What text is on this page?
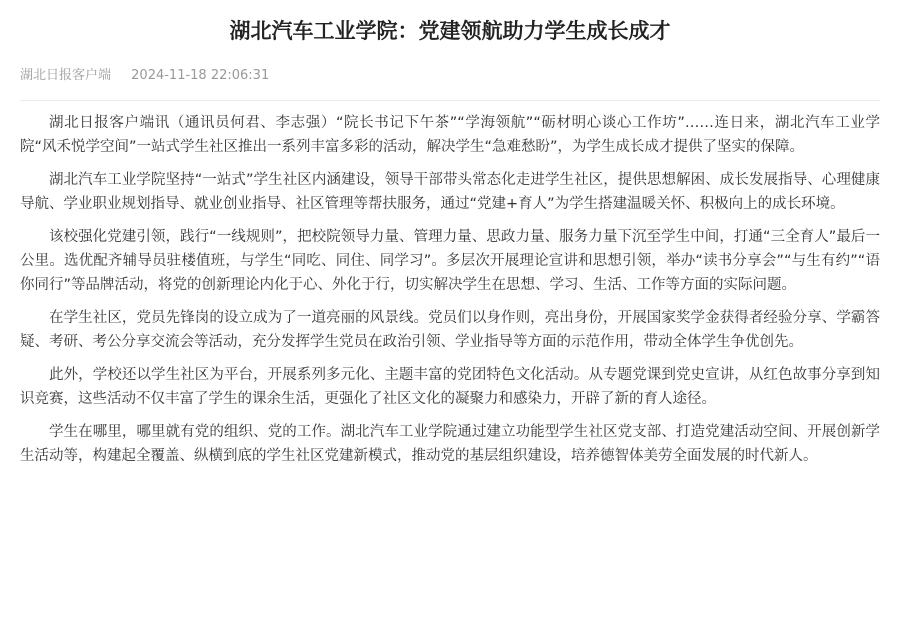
湖北汽车工业学院：党建领航助力学生成长成才
湖北日报客户端 2024-11-18 22:06:31

湖北日报客户端讯（通讯员何君、李志强）“院长书记下午茶”“学海领航”“砺材明心谈心工作坊”……连日来，湖北汽车工业学院“风禾悦学空间”一站式学生社区推出一系列丰富多彩的活动，解决学生“急难愁盼”，为学生成长成才提供了坚实的保障。

湖北汽车工业学院坚持“一站式”学生社区内涵建设，领导干部带头常态化走进学生社区，提供思想解困、成长发展指导、心理健康导航、学业职业规划指导、就业创业指导、社区管理等帮扶服务，通过“党建+育人”为学生搭建温暖关怀、积极向上的成长环境。

该校强化党建引领，践行“一线规则”，把校院领导力量、管理力量、思政力量、服务力量下沉至学生中间，打通“三全育人”最后一公里。选优配齐辅导员驻楼值班，与学生“同吃、同住、同学习”。多层次开展理论宣讲和思想引领，举办“读书分享会”“与生有约”“语你同行”等品牌活动，将党的创新理论内化于心、外化于行，切实解决学生在思想、学习、生活、工作等方面的实际问题。

在学生社区，党员先锋岗的设立成为了一道亮丽的风景线。党员们以身作则，亮出身份，开展国家奖学金获得者经验分享、学霸答疑、考研、考公分享交流会等活动，充分发挥学生党员在政治引领、学业指导等方面的示范作用，带动全体学生争优创先。

此外，学校还以学生社区为平台，开展系列多元化、主题丰富的党团特色文化活动。从专题党课到党史宣讲，从红色故事分享到知识竞赛，这些活动不仅丰富了学生的课余生活，更强化了社区文化的凝聚力和感染力，开辟了新的育人途径。

学生在哪里，哪里就有党的组织、党的工作。湖北汽车工业学院通过建立功能型学生社区党支部、打造党建活动空间、开展创新学生活动等，构建起全覆盖、纵横到底的学生社区党建新模式，推动党的基层组织建设，培养德智体美劳全面发展的时代新人。
